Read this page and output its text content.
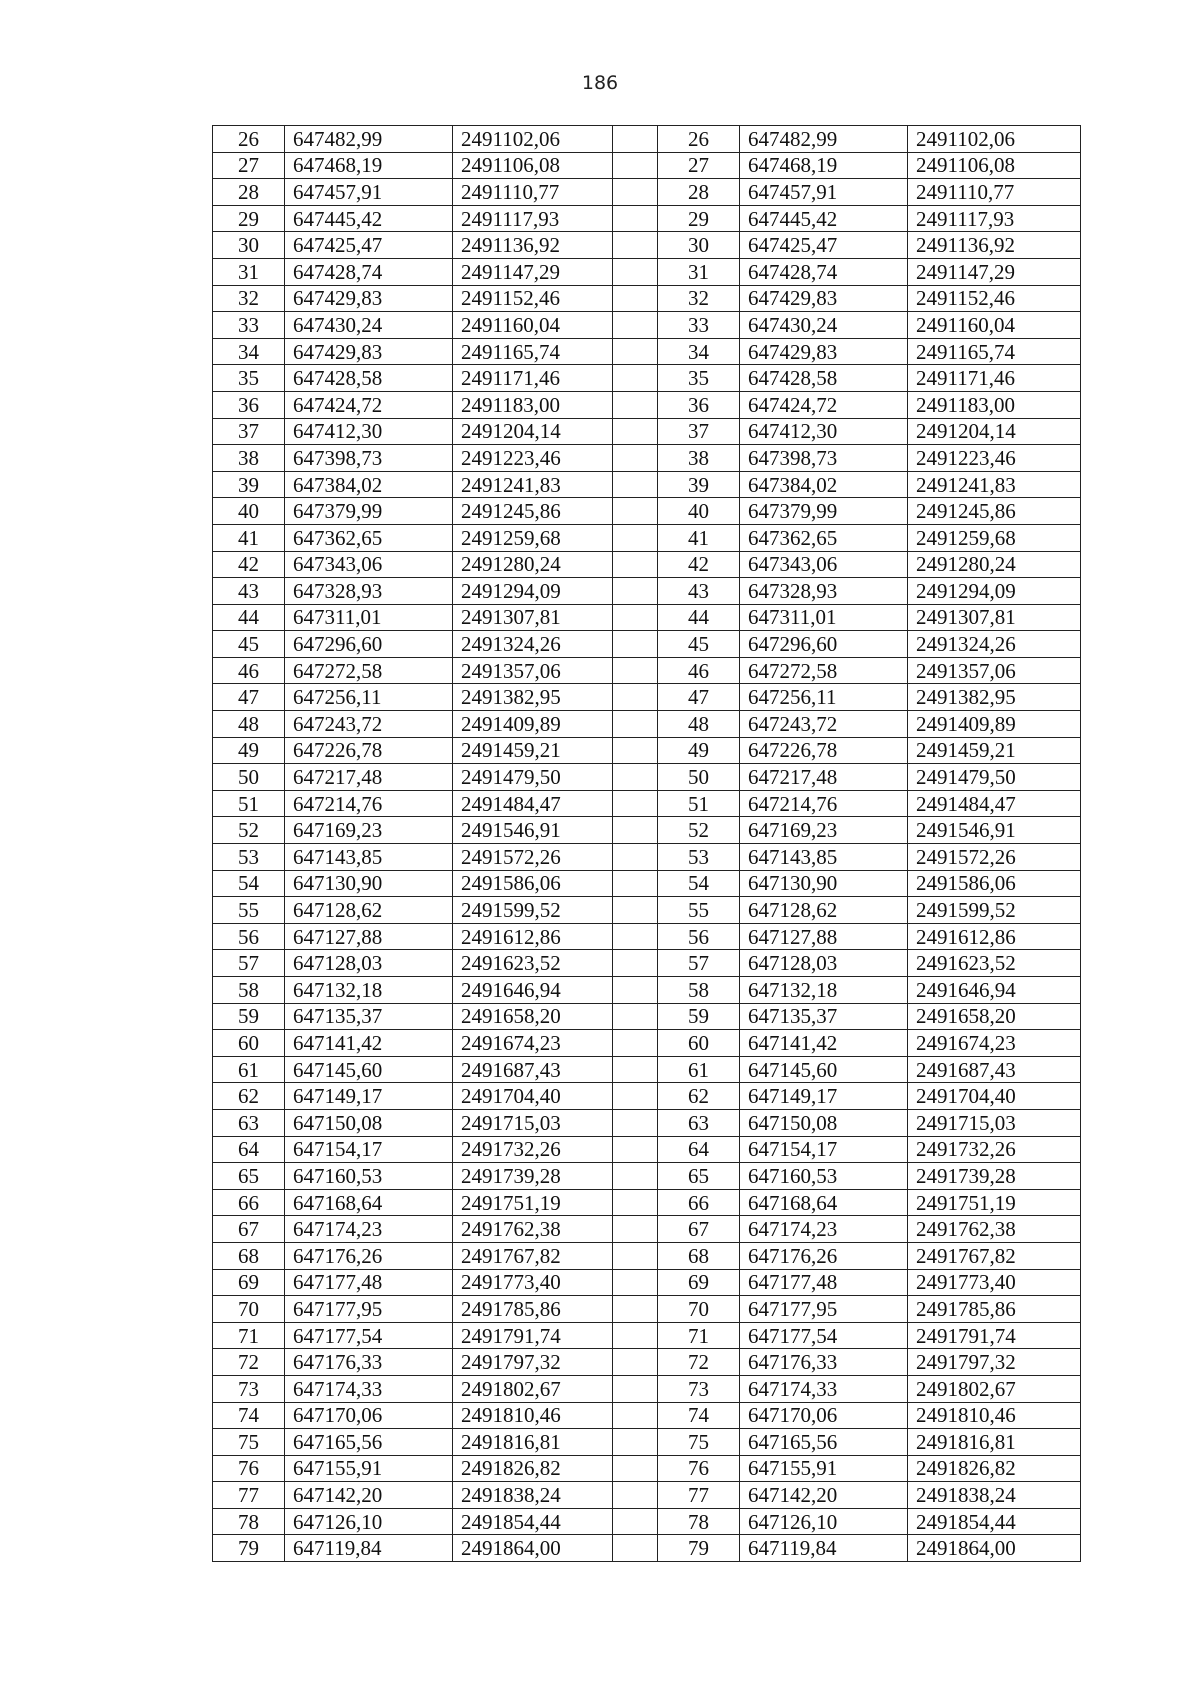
186
26	647482,99	2491102,06		26	647482,99	2491102,06
27	647468,19	2491106,08		27	647468,19	2491106,08
28	647457,91	2491110,77		28	647457,91	2491110,77
29	647445,42	2491117,93		29	647445,42	2491117,93
30	647425,47	2491136,92		30	647425,47	2491136,92
31	647428,74	2491147,29		31	647428,74	2491147,29
32	647429,83	2491152,46		32	647429,83	2491152,46
33	647430,24	2491160,04		33	647430,24	2491160,04
34	647429,83	2491165,74		34	647429,83	2491165,74
35	647428,58	2491171,46		35	647428,58	2491171,46
36	647424,72	2491183,00		36	647424,72	2491183,00
37	647412,30	2491204,14		37	647412,30	2491204,14
38	647398,73	2491223,46		38	647398,73	2491223,46
39	647384,02	2491241,83		39	647384,02	2491241,83
40	647379,99	2491245,86		40	647379,99	2491245,86
41	647362,65	2491259,68		41	647362,65	2491259,68
42	647343,06	2491280,24		42	647343,06	2491280,24
43	647328,93	2491294,09		43	647328,93	2491294,09
44	647311,01	2491307,81		44	647311,01	2491307,81
45	647296,60	2491324,26		45	647296,60	2491324,26
46	647272,58	2491357,06		46	647272,58	2491357,06
47	647256,11	2491382,95		47	647256,11	2491382,95
48	647243,72	2491409,89		48	647243,72	2491409,89
49	647226,78	2491459,21		49	647226,78	2491459,21
50	647217,48	2491479,50		50	647217,48	2491479,50
51	647214,76	2491484,47		51	647214,76	2491484,47
52	647169,23	2491546,91		52	647169,23	2491546,91
53	647143,85	2491572,26		53	647143,85	2491572,26
54	647130,90	2491586,06		54	647130,90	2491586,06
55	647128,62	2491599,52		55	647128,62	2491599,52
56	647127,88	2491612,86		56	647127,88	2491612,86
57	647128,03	2491623,52		57	647128,03	2491623,52
58	647132,18	2491646,94		58	647132,18	2491646,94
59	647135,37	2491658,20		59	647135,37	2491658,20
60	647141,42	2491674,23		60	647141,42	2491674,23
61	647145,60	2491687,43		61	647145,60	2491687,43
62	647149,17	2491704,40		62	647149,17	2491704,40
63	647150,08	2491715,03		63	647150,08	2491715,03
64	647154,17	2491732,26		64	647154,17	2491732,26
65	647160,53	2491739,28		65	647160,53	2491739,28
66	647168,64	2491751,19		66	647168,64	2491751,19
67	647174,23	2491762,38		67	647174,23	2491762,38
68	647176,26	2491767,82		68	647176,26	2491767,82
69	647177,48	2491773,40		69	647177,48	2491773,40
70	647177,95	2491785,86		70	647177,95	2491785,86
71	647177,54	2491791,74		71	647177,54	2491791,74
72	647176,33	2491797,32		72	647176,33	2491797,32
73	647174,33	2491802,67		73	647174,33	2491802,67
74	647170,06	2491810,46		74	647170,06	2491810,46
75	647165,56	2491816,81		75	647165,56	2491816,81
76	647155,91	2491826,82		76	647155,91	2491826,82
77	647142,20	2491838,24		77	647142,20	2491838,24
78	647126,10	2491854,44		78	647126,10	2491854,44
79	647119,84	2491864,00		79	647119,84	2491864,00
